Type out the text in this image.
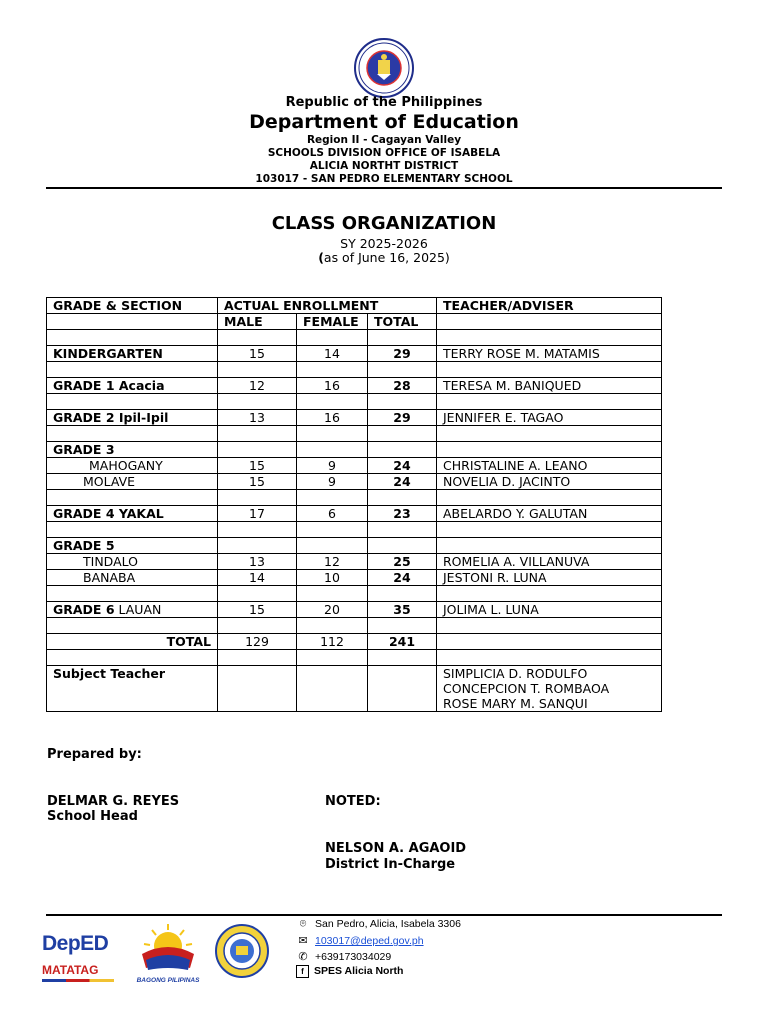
Republic of the Philippines
Department of Education
Region II - Cagayan Valley
SCHOOLS DIVISION OFFICE OF ISABELA
ALICIA NORTHT DISTRICT
103017 - SAN PEDRO ELEMENTARY SCHOOL
CLASS ORGANIZATION
SY 2025-2026
(as of June 16, 2025)
GRADE & SECTION	ACTUAL ENROLLMENT			TEACHER/ADVISER
	MALE	FEMALE	TOTAL	

KINDERGARTEN	15	14	29	TERRY ROSE M. MATAMIS

GRADE 1 Acacia	12	16	28	TERESA M. BANIQUED

GRADE 2 Ipil-Ipil	13	16	29	JENNIFER E. TAGAO

GRADE 3				
MAHOGANY	15	9	24	CHRISTALINE A. LEANO
MOLAVE	15	9	24	NOVELIA D. JACINTO

GRADE 4 YAKAL	17	6	23	ABELARDO Y. GALUTAN

GRADE 5				
TINDALO	13	12	25	ROMELIA A. VILLANUVA
BANABA	14	10	24	JESTONI R. LUNA

GRADE 6 LAUAN	15	20	35	JOLIMA L. LUNA

TOTAL	129	112	241	

Subject Teacher				SIMPLICIA D. RODULFO
CONCEPCION T. ROMBAOA
ROSE MARY M. SANQUI
Prepared by:
DELMAR G. REYES
School Head
NOTED:
NELSON A. AGAOID
District In-Charge
DepED
MATATAG
BAGONG PILIPINAS
⌾ San Pedro, Alicia, Isabela 3306
✉ 103017@deped.gov.ph
✆ +639173034029
f SPES Alicia North
